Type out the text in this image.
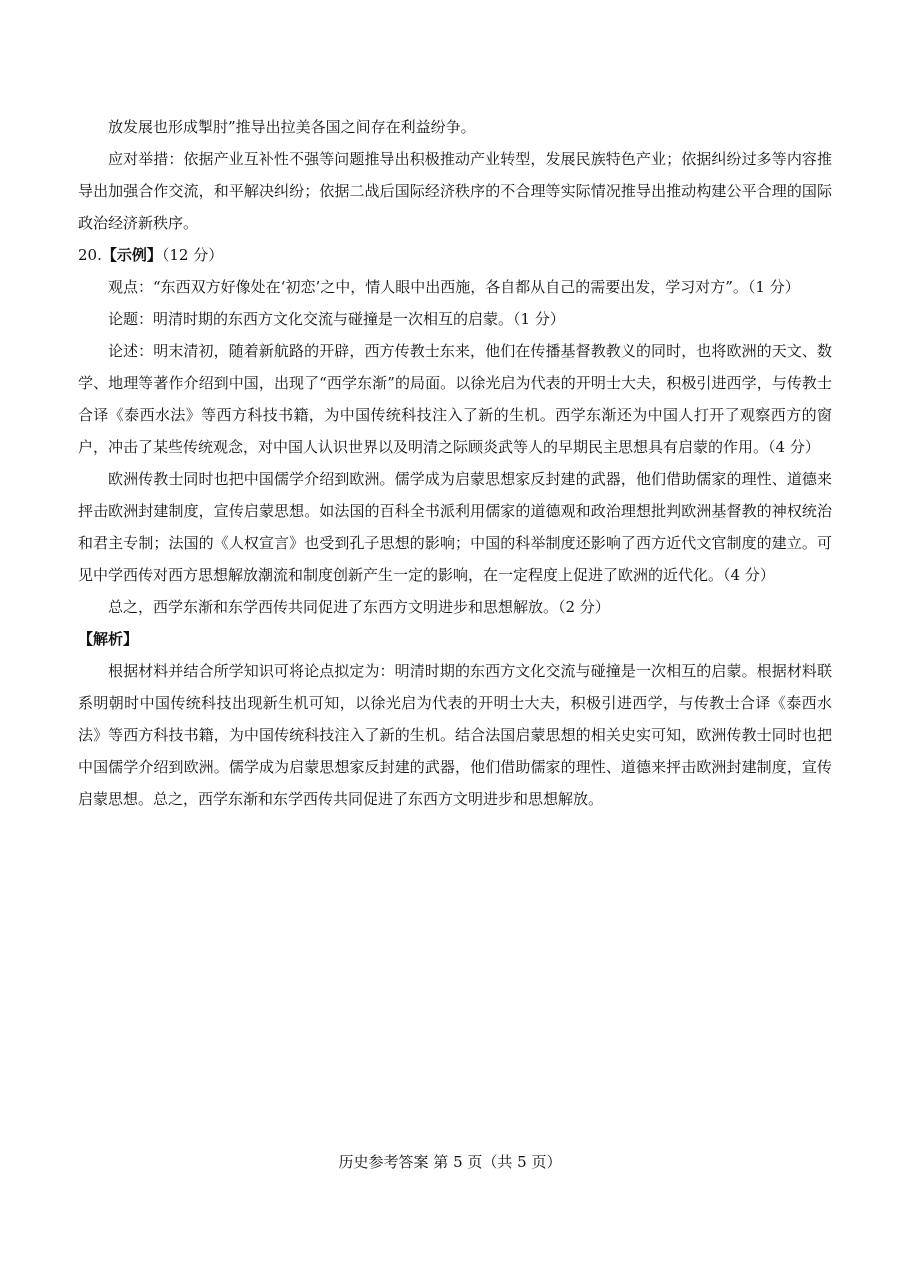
放发展也形成掣肘”推导出拉美各国之间存在利益纷争。

应对举措：依据产业互补性不强等问题推导出积极推动产业转型，发展民族特色产业；依据纠纷过多等内容推导出加强合作交流，和平解决纠纷；依据二战后国际经济秩序的不合理等实际情况推导出推动构建公平合理的国际政治经济新秩序。

20.【示例】（12 分）

观点：“东西双方好像处在‘初恋’之中，情人眼中出西施，各自都从自己的需要出发，学习对方”。（1 分）

论题：明清时期的东西方文化交流与碰撞是一次相互的启蒙。（1 分）

论述：明末清初，随着新航路的开辟，西方传教士东来，他们在传播基督教教义的同时，也将欧洲的天文、数学、地理等著作介绍到中国，出现了“西学东渐”的局面。以徐光启为代表的开明士大夫，积极引进西学，与传教士合译《泰西水法》等西方科技书籍，为中国传统科技注入了新的生机。西学东渐还为中国人打开了观察西方的窗户，冲击了某些传统观念，对中国人认识世界以及明清之际顾炎武等人的早期民主思想具有启蒙的作用。（4 分）

欧洲传教士同时也把中国儒学介绍到欧洲。儒学成为启蒙思想家反封建的武器，他们借助儒家的理性、道德来抨击欧洲封建制度，宣传启蒙思想。如法国的百科全书派利用儒家的道德观和政治理想批判欧洲基督教的神权统治和君主专制；法国的《人权宣言》也受到孔子思想的影响；中国的科举制度还影响了西方近代文官制度的建立。可见中学西传对西方思想解放潮流和制度创新产生一定的影响，在一定程度上促进了欧洲的近代化。（4 分）

总之，西学东渐和东学西传共同促进了东西方文明进步和思想解放。（2 分）

【解析】

根据材料并结合所学知识可将论点拟定为：明清时期的东西方文化交流与碰撞是一次相互的启蒙。根据材料联系明朝时中国传统科技出现新生机可知，以徐光启为代表的开明士大夫，积极引进西学，与传教士合译《泰西水法》等西方科技书籍，为中国传统科技注入了新的生机。结合法国启蒙思想的相关史实可知，欧洲传教士同时也把中国儒学介绍到欧洲。儒学成为启蒙思想家反封建的武器，他们借助儒家的理性、道德来抨击欧洲封建制度，宣传启蒙思想。总之，西学东渐和东学西传共同促进了东西方文明进步和思想解放。

历史参考答案 第 5 页（共 5 页）
